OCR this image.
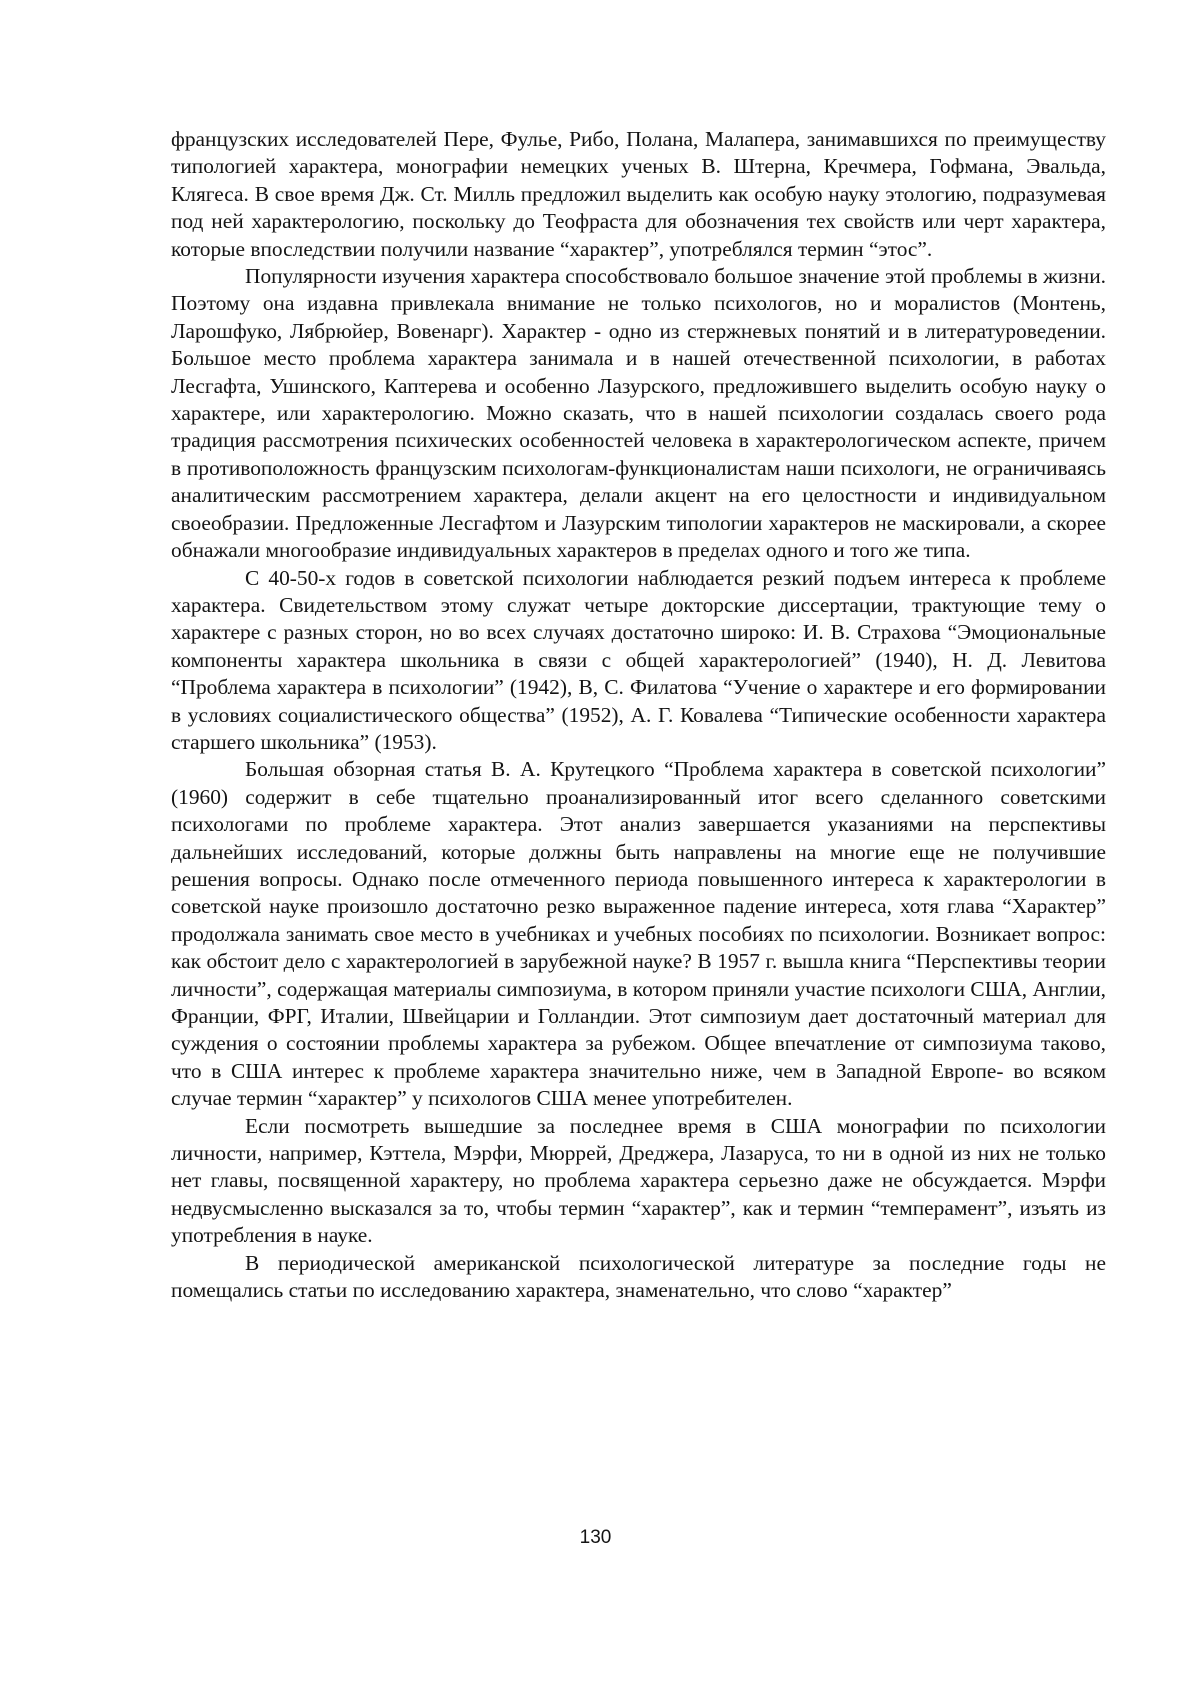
французских исследователей Пере, Фулье, Рибо, Полана, Малапера, занимавшихся по преимуществу типологией характера, монографии немецких ученых В. Штерна, Кречмера, Гофмана, Эвальда, Клягеса. В свое время Дж. Ст. Милль предложил выделить как особую науку этологию, подразумевая под ней характерологию, поскольку до Теофраста для обозначения тех свойств или черт характера, которые впоследствии получили название “характер”, употреблялся термин “этос”.

Популярности изучения характера способствовало большое значение этой проблемы в жизни. Поэтому она издавна привлекала внимание не только психологов, но и моралистов (Монтень, Ларошфуко, Лябрюйер, Вовенарг). Характер - одно из стержневых понятий и в литературоведении. Большое место проблема характера занимала и в нашей отечественной психологии, в работах Лесгафта, Ушинского, Каптерева и особенно Лазурского, предложившего выделить особую науку о характере, или характерологию. Можно сказать, что в нашей психологии создалась своего рода традиция рассмотрения психических особенностей человека в характерологическом аспекте, причем в противоположность французским психологам-функционалистам наши психологи, не ограничиваясь аналитическим рассмотрением характера, делали акцент на его целостности и индивидуальном своеобразии. Предложенные Лесгафтом и Лазурским типологии характеров не маскировали, а скорее обнажали многообразие индивидуальных характеров в пределах одного и того же типа.

С 40-50-х годов в советской психологии наблюдается резкий подъем интереса к проблеме характера. Свидетельством этому служат четыре докторские диссертации, трактующие тему о характере с разных сторон, но во всех случаях достаточно широко: И. В. Страхова “Эмоциональные компоненты характера школьника в связи с общей характерологией” (1940), Н. Д. Левитова “Проблема характера в психологии” (1942), В, С. Филатова “Учение о характере и его формировании в условиях социалистического общества” (1952), А. Г. Ковалева “Типические особенности характера старшего школьника” (1953).

Большая обзорная статья В. А. Крутецкого “Проблема характера в советской психологии” (1960) содержит в себе тщательно проанализированный итог всего сделанного советскими психологами по проблеме характера. Этот анализ завершается указаниями на перспективы дальнейших исследований, которые должны быть направлены на многие еще не получившие решения вопросы. Однако после отмеченного периода повышенного интереса к характерологии в советской науке произошло достаточно резко выраженное падение интереса, хотя глава “Характер” продолжала занимать свое место в учебниках и учебных пособиях по психологии. Возникает вопрос: как обстоит дело с характерологией в зарубежной науке? В 1957 г. вышла книга “Перспективы теории личности”, содержащая материалы симпозиума, в котором приняли участие психологи США, Англии, Франции, ФРГ, Италии, Швейцарии и Голландии. Этот симпозиум дает достаточный материал для суждения о состоянии проблемы характера за рубежом. Общее впечатление от симпозиума таково, что в США интерес к проблеме характера значительно ниже, чем в Западной Европе- во всяком случае термин “характер” у психологов США менее употребителен.

Если посмотреть вышедшие за последнее время в США монографии по психологии личности, например, Кэттела, Мэрфи, Мюррей, Дреджера, Лазаруса, то ни в одной из них не только нет главы, посвященной характеру, но проблема характера серьезно даже не обсуждается. Мэрфи недвусмысленно высказался за то, чтобы термин “характер”, как и термин “темперамент”, изъять из употребления в науке.

В периодической американской психологической литературе за последние годы не помещались статьи по исследованию характера, знаменательно, что слово “характер”

130
